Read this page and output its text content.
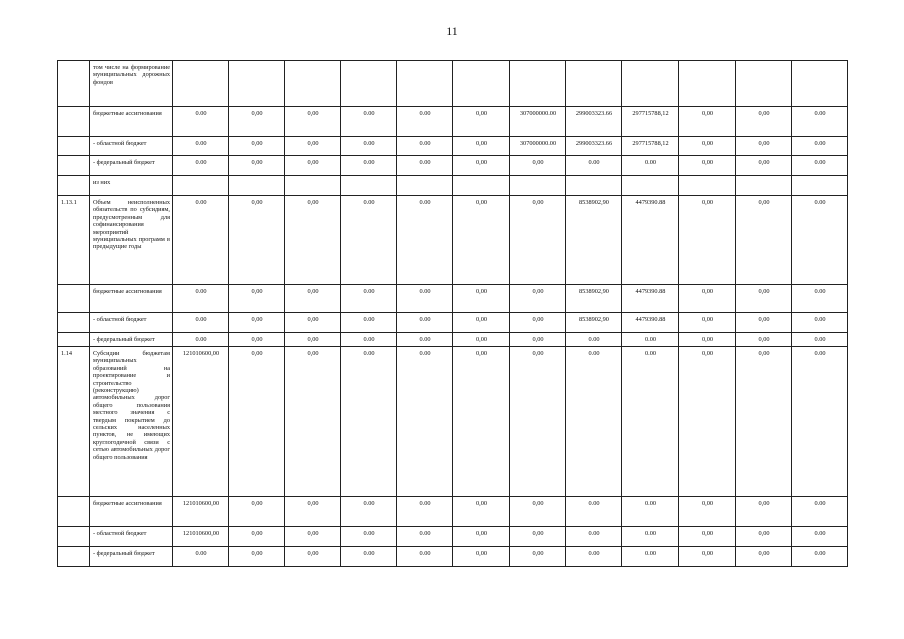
11
	том числе на формирование муниципальных дорожных фондов												
	бюджетные ассигнования	0.00	0,00	0,00	0.00	0.00	0,00	307000000.00	299003323.66	297715788,12	0,00	0,00	0.00
	- областной бюджет	0.00	0,00	0,00	0.00	0.00	0,00	307000000.00	299003323.66	297715788,12	0,00	0,00	0.00
	- федеральный бюджет	0.00	0,00	0,00	0.00	0.00	0,00	0,00	0.00	0.00	0,00	0,00	0.00
	из них												
1.13.1	Объем неисполненных обязательств по субсидиям, предусмотренным для софинансирования мероприятий муниципальных программ в предыдущие годы	0.00	0,00	0,00	0.00	0.00	0,00	0,00	8538902,90	4479390.88	0,00	0,00	0.00
	бюджетные ассигнования	0.00	0,00	0,00	0.00	0.00	0,00	0,00	8538902,90	4479390.88	0,00	0,00	0.00
	- областной бюджет	0.00	0,00	0,00	0.00	0.00	0,00	0,00	8538902,90	4479390.88	0,00	0,00	0.00
	- федеральный бюджет	0.00	0,00	0,00	0.00	0.00	0,00	0,00	0.00	0.00	0,00	0,00	0.00
1.14	Субсидии бюджетам муниципальных образований на проектирование и строительство (реконструкцию) автомобильных дорог общего пользования местного значения с твердым покрытием до сельских населенных пунктов, не имеющих круглогодичной связи с сетью автомобильных дорог общего пользования	121010600,00	0,00	0,00	0.00	0.00	0,00	0,00	0.00	0.00	0,00	0,00	0.00
	бюджетные ассигнования	121010600,00	0,00	0,00	0.00	0.00	0,00	0,00	0.00	0.00	0,00	0,00	0.00
	- областной бюджет	121010600,00	0,00	0,00	0.00	0.00	0,00	0,00	0.00	0.00	0,00	0,00	0.00
	- федеральный бюджет	0.00	0,00	0,00	0.00	0.00	0,00	0,00	0.00	0.00	0,00	0,00	0.00
